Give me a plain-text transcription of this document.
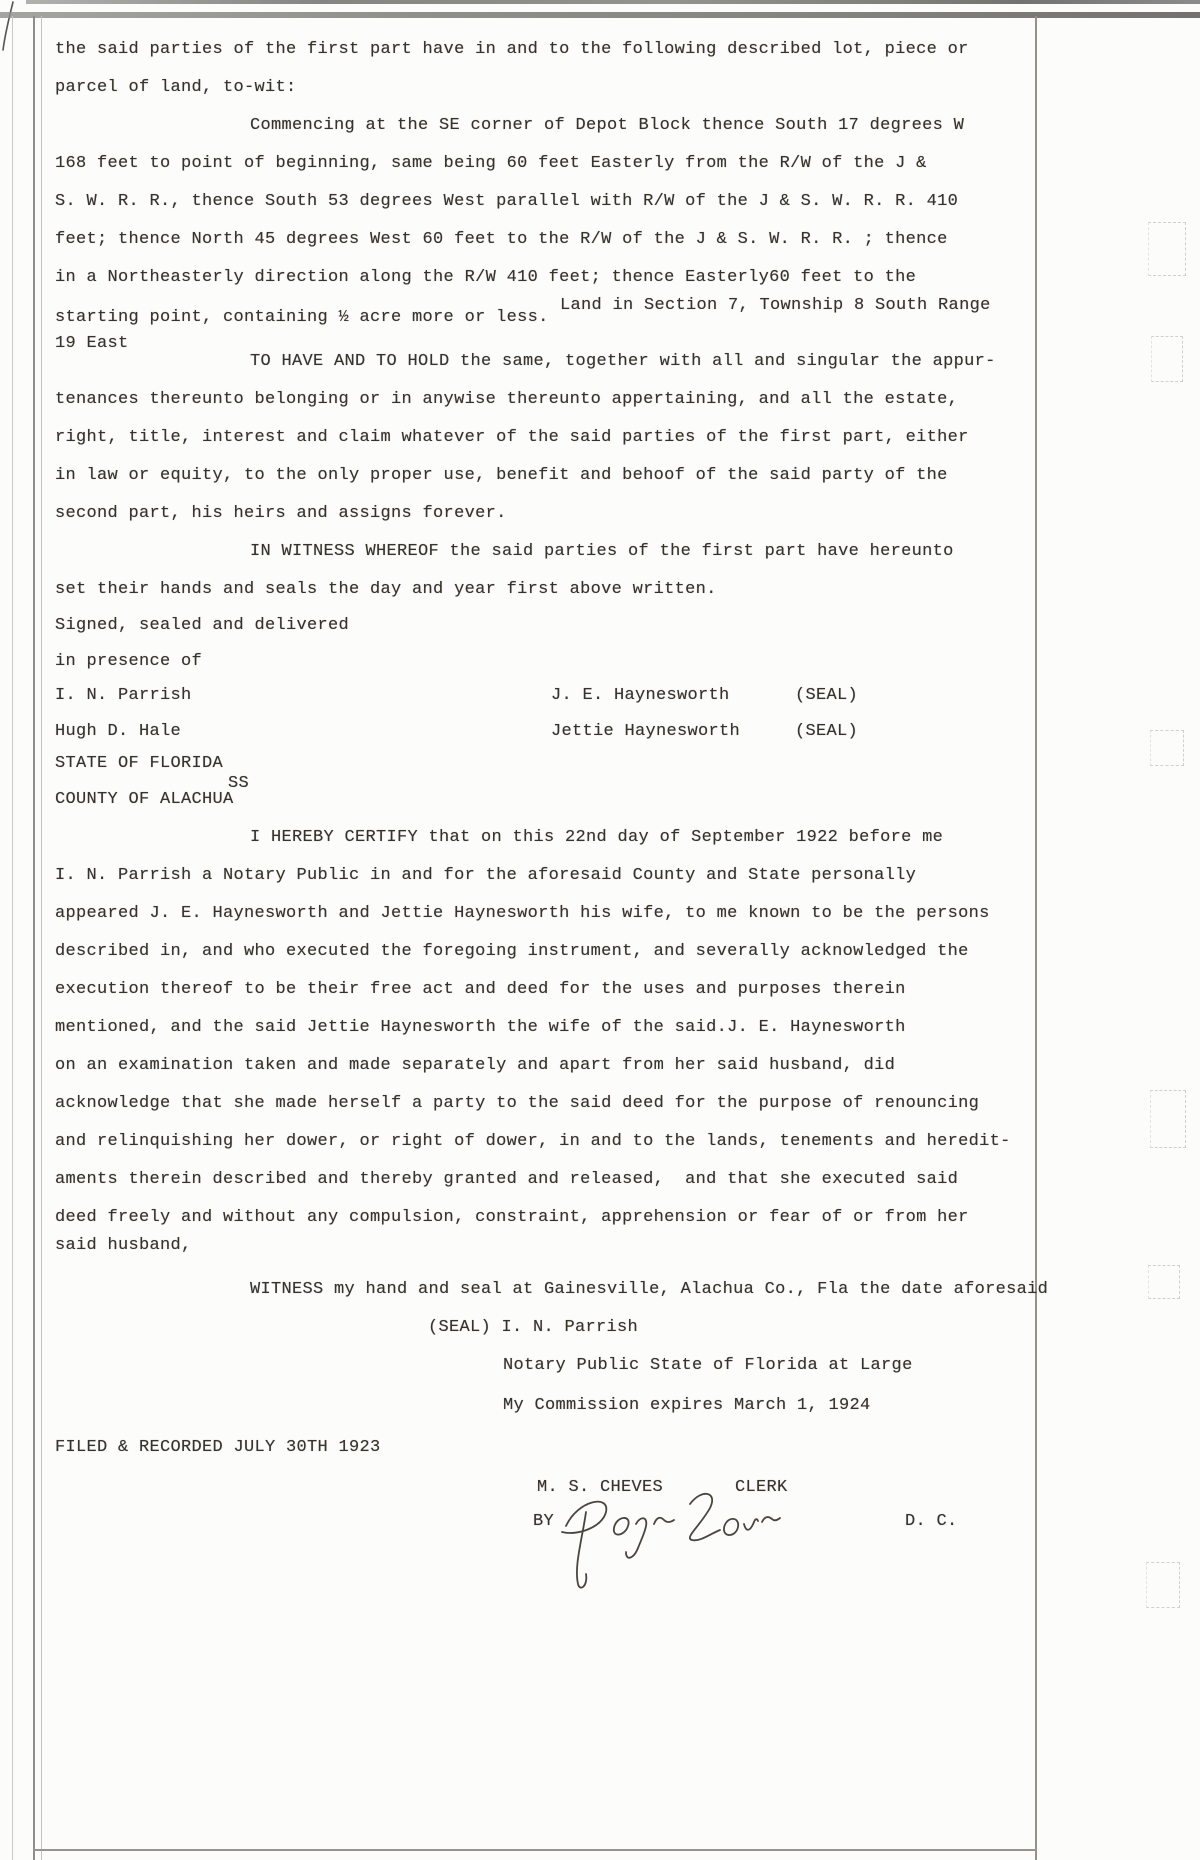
the said parties of the first part have in and to the following described lot, piece or
parcel of land, to-wit:
Commencing at the SE corner of Depot Block thence South 17 degrees W
168 feet to point of beginning, same being 60 feet Easterly from the R/W of the J &
S. W. R. R., thence South 53 degrees West parallel with R/W of the J & S. W. R. R. 410
feet; thence North 45 degrees West 60 feet to the R/W of the J & S. W. R. R. ; thence
in a Northeasterly direction along the R/W 410 feet; thence Easterly60 feet to the
Land in Section 7, Township 8 South Range
starting point, containing ½ acre more or less.
19 East
TO HAVE AND TO HOLD the same, together with all and singular the appur-
tenances thereunto belonging or in anywise thereunto appertaining, and all the estate,
right, title, interest and claim whatever of the said parties of the first part, either
in law or equity, to the only proper use, benefit and behoof of the said party of the
second part, his heirs and assigns forever.
IN WITNESS WHEREOF the said parties of the first part have hereunto
set their hands and seals the day and year first above written.
Signed, sealed and delivered
in presence of
I. N. Parrish	J. E. Haynesworth	(SEAL)
Hugh D. Hale	Jettie Haynesworth	(SEAL)
STATE OF FLORIDA
SS
COUNTY OF ALACHUA
I HEREBY CERTIFY that on this 22nd day of September 1922 before me
I. N. Parrish a Notary Public in and for the aforesaid County and State personally
appeared J. E. Haynesworth and Jettie Haynesworth his wife, to me known to be the persons
described in, and who executed the foregoing instrument, and severally acknowledged the
execution thereof to be their free act and deed for the uses and purposes therein
mentioned, and the said Jettie Haynesworth the wife of the said.J. E. Haynesworth
on an examination taken and made separately and apart from her said husband, did
acknowledge that she made herself a party to the said deed for the purpose of renouncing
and relinquishing her dower, or right of dower, in and to the lands, tenements and heredit-
aments therein described and thereby granted and released,  and that she executed said
deed freely and without any compulsion, constraint, apprehension or fear of or from her
said husband,
WITNESS my hand and seal at Gainesville, Alachua Co., Fla the date aforesaid
(SEAL) I. N. Parrish
Notary Public State of Florida at Large
My Commission expires March 1, 1924
FILED & RECORDED JULY 30TH 1923
M. S. CHEVES	CLERK
BY	D. C.
